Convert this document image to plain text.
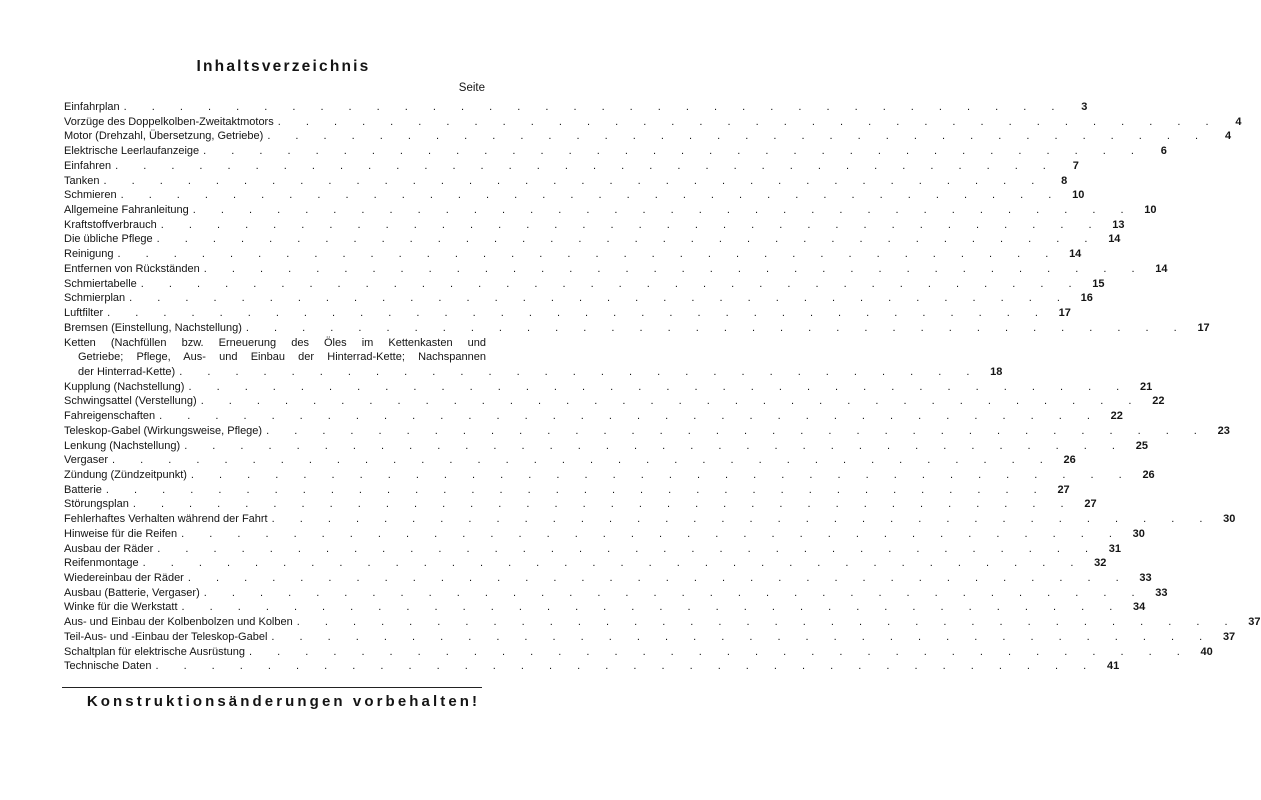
Inhaltsverzeichnis
Seite
Einfahrplan . . . . . . . . . . . . . . . . . . . . . . . . . . . . . . . . . .	3
Vorzüge des Doppelkolben-Zweitaktmotors . . . . . . . . . . . . . . . . . . . . . . . . . . . . . . . . . .	4
Motor (Drehzahl, Übersetzung, Getriebe) . . . . . . . . . . . . . . . . . . . . . . . . . . . . . . . . . .	4
Elektrische Leerlaufanzeige . . . . . . . . . . . . . . . . . . . . . . . . . . . . . . . . . .	6
Einfahren . . . . . . . . . . . . . . . . . . . . . . . . . . . . . . . . . .	7
Tanken . . . . . . . . . . . . . . . . . . . . . . . . . . . . . . . . . .	8
Schmieren . . . . . . . . . . . . . . . . . . . . . . . . . . . . . . . . . . 10
Allgemeine Fahranleitung . . . . . . . . . . . . . . . . . . . . . . . . . . . . . . . . . . 10
Kraftstoffverbrauch . . . . . . . . . . . . . . . . . . . . . . . . . . . . . . . . . . 13
Die übliche Pflege . . . . . . . . . . . . . . . . . . . . . . . . . . . . . . . . . . 14
Reinigung . . . . . . . . . . . . . . . . . . . . . . . . . . . . . . . . . . 14
Entfernen von Rückständen . . . . . . . . . . . . . . . . . . . . . . . . . . . . . . . . . . 14
Schmiertabelle . . . . . . . . . . . . . . . . . . . . . . . . . . . . . . . . . . 15
Schmierplan . . . . . . . . . . . . . . . . . . . . . . . . . . . . . . . . . . 16
Luftfilter . . . . . . . . . . . . . . . . . . . . . . . . . . . . . . . . . . 17
Bremsen (Einstellung, Nachstellung) . . . . . . . . . . . . . . . . . . . . . . . . . . . . . . . . . . 17
Ketten (Nachfüllen bzw. Erneuerung des Öles im Kettenkasten und
Getriebe; Pflege, Aus- und Einbau der Hinterrad-Kette; Nachspannen
der Hinterrad-Kette) . . . . . . . . . . . . . . . . . . . . . . . . . . . . . 18
Kupplung (Nachstellung) . . . . . . . . . . . . . . . . . . . . . . . . . . . . . . . . . . 21
Schwingsattel (Verstellung) . . . . . . . . . . . . . . . . . . . . . . . . . . . . . . . . . . 22
Fahreigenschaften . . . . . . . . . . . . . . . . . . . . . . . . . . . . . . . . . . 22
Teleskop-Gabel (Wirkungsweise, Pflege) . . . . . . . . . . . . . . . . . . . . . . . . . . . . . . . . . . 23
Lenkung (Nachstellung) . . . . . . . . . . . . . . . . . . . . . . . . . . . . . . . . . . 25
Vergaser . . . . . . . . . . . . . . . . . . . . . . . . . . . . . . . . . . 26
Zündung (Zündzeitpunkt) . . . . . . . . . . . . . . . . . . . . . . . . . . . . . . . . . . 26
Batterie . . . . . . . . . . . . . . . . . . . . . . . . . . . . . . . . . . 27
Störungsplan . . . . . . . . . . . . . . . . . . . . . . . . . . . . . . . . . . 27
Fehlerhaftes Verhalten während der Fahrt . . . . . . . . . . . . . . . . . . . . . . . . . . . . . . . . . . 30
Hinweise für die Reifen . . . . . . . . . . . . . . . . . . . . . . . . . . . . . . . . . . 30
Ausbau der Räder . . . . . . . . . . . . . . . . . . . . . . . . . . . . . . . . . . 31
Reifenmontage . . . . . . . . . . . . . . . . . . . . . . . . . . . . . . . . . . 32
Wiedereinbau der Räder . . . . . . . . . . . . . . . . . . . . . . . . . . . . . . . . . . 33
Ausbau (Batterie, Vergaser) . . . . . . . . . . . . . . . . . . . . . . . . . . . . . . . . . . 33
Winke für die Werkstatt . . . . . . . . . . . . . . . . . . . . . . . . . . . . . . . . . . 34
Aus- und Einbau der Kolbenbolzen und Kolben . . . . . . . . . . . . . . . . . . . . . . . . . . . . . . . . . . 37
Teil-Aus- und -Einbau der Teleskop-Gabel . . . . . . . . . . . . . . . . . . . . . . . . . . . . . . . . . . 37
Schaltplan für elektrische Ausrüstung . . . . . . . . . . . . . . . . . . . . . . . . . . . . . . . . . . 40
Technische Daten . . . . . . . . . . . . . . . . . . . . . . . . . . . . . . . . . . 41
Konstruktionsänderungen vorbehalten!
